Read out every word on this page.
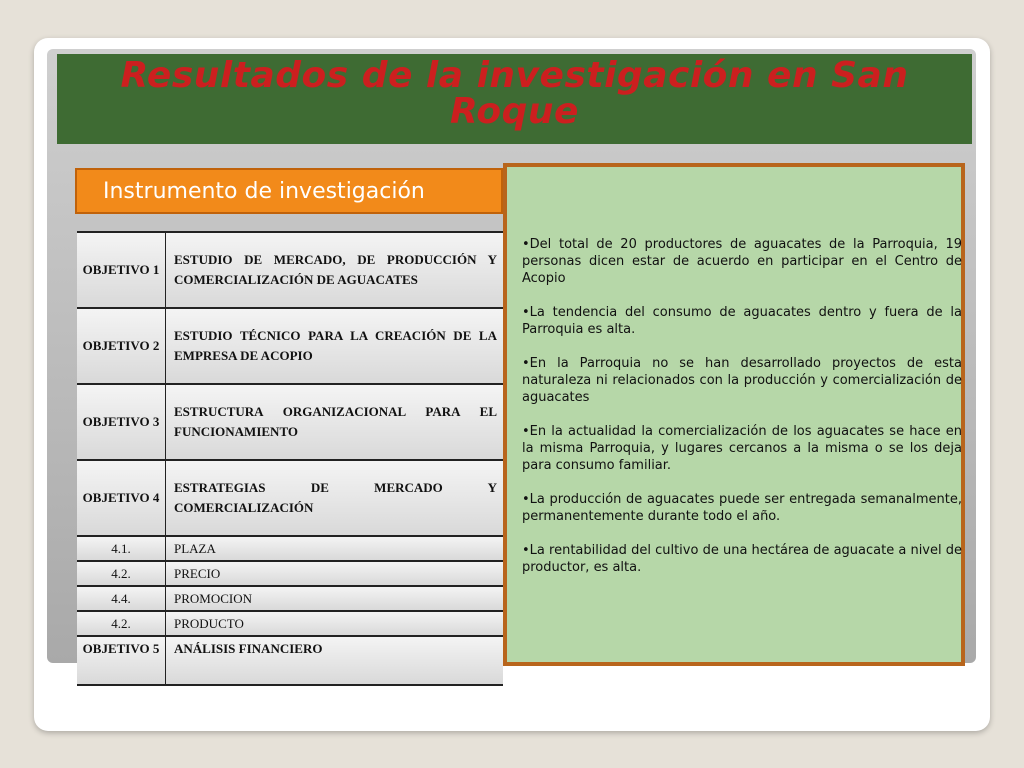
Resultados de la investigación en San Roque
Instrumento de investigación
OBJETIVO 1	ESTUDIO DE MERCADO, DE PRODUCCIÓN Y COMERCIALIZACIÓN DE AGUACATES
OBJETIVO 2	ESTUDIO TÉCNICO PARA LA CREACIÓN DE LA EMPRESA DE ACOPIO
OBJETIVO 3	ESTRUCTURA ORGANIZACIONAL PARA EL FUNCIONAMIENTO
OBJETIVO 4	ESTRATEGIAS DE MERCADO Y COMERCIALIZACIÓN
4.1.	PLAZA
4.2.	PRECIO
4.4.	PROMOCION
4.2.	PRODUCTO
OBJETIVO 5	ANÁLISIS FINANCIERO
•Del total de 20 productores de aguacates de la Parroquia, 19 personas dicen estar de acuerdo en participar en el Centro de Acopio
•La tendencia del consumo de aguacates dentro y fuera de la Parroquia es alta.
•En la Parroquia no se han desarrollado proyectos de esta naturaleza ni relacionados con la producción y comercialización de aguacates
•En la actualidad la comercialización de los aguacates se hace en la misma Parroquia, y lugares cercanos a la misma o se los deja para consumo familiar.
•La producción de aguacates puede ser entregada semanalmente, permanentemente durante todo el año.
•La rentabilidad del cultivo de una hectárea de aguacate a nivel de productor, es alta.
